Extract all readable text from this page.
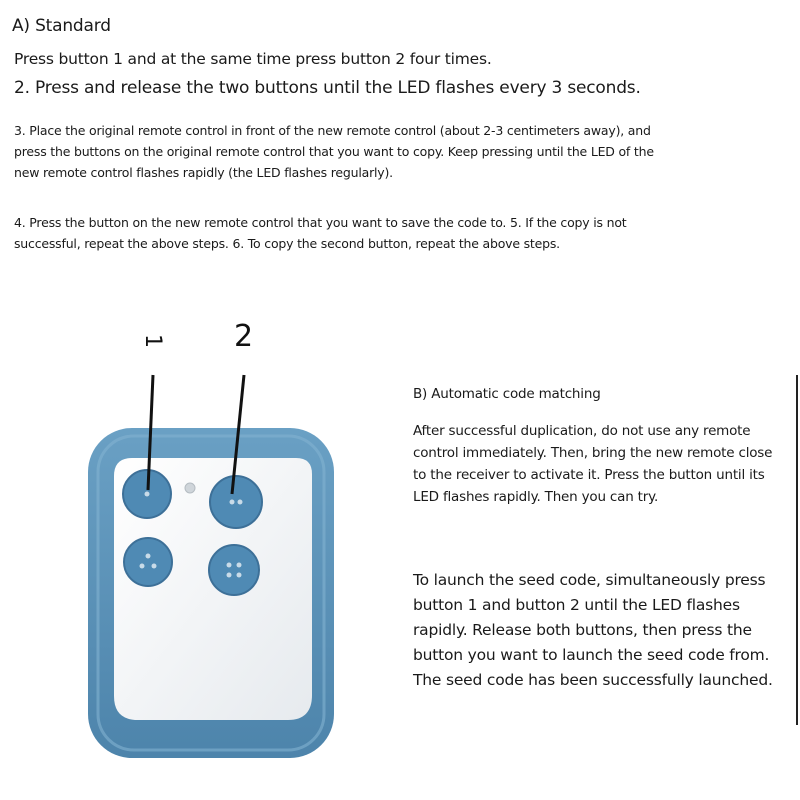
A) Standard

Press button 1 and at the same time press button 2 four times.

2. Press and release the two buttons until the LED flashes every 3 seconds.

3. Place the original remote control in front of the new remote control (about 2-3 centimeters away), and press the buttons on the original remote control that you want to copy. Keep pressing until the LED of the new remote control flashes rapidly (the LED flashes regularly).

4. Press the button on the new remote control that you want to save the code to. 5. If the copy is not successful, repeat the above steps. 6. To copy the second button, repeat the above steps.

1 2

B) Automatic code matching

After successful duplication, do not use any remote control immediately. Then, bring the new remote close to the receiver to activate it. Press the button until its LED flashes rapidly. Then you can try.

To launch the seed code, simultaneously press button 1 and button 2 until the LED flashes rapidly. Release both buttons, then press the button you want to launch the seed code from. The seed code has been successfully launched.
